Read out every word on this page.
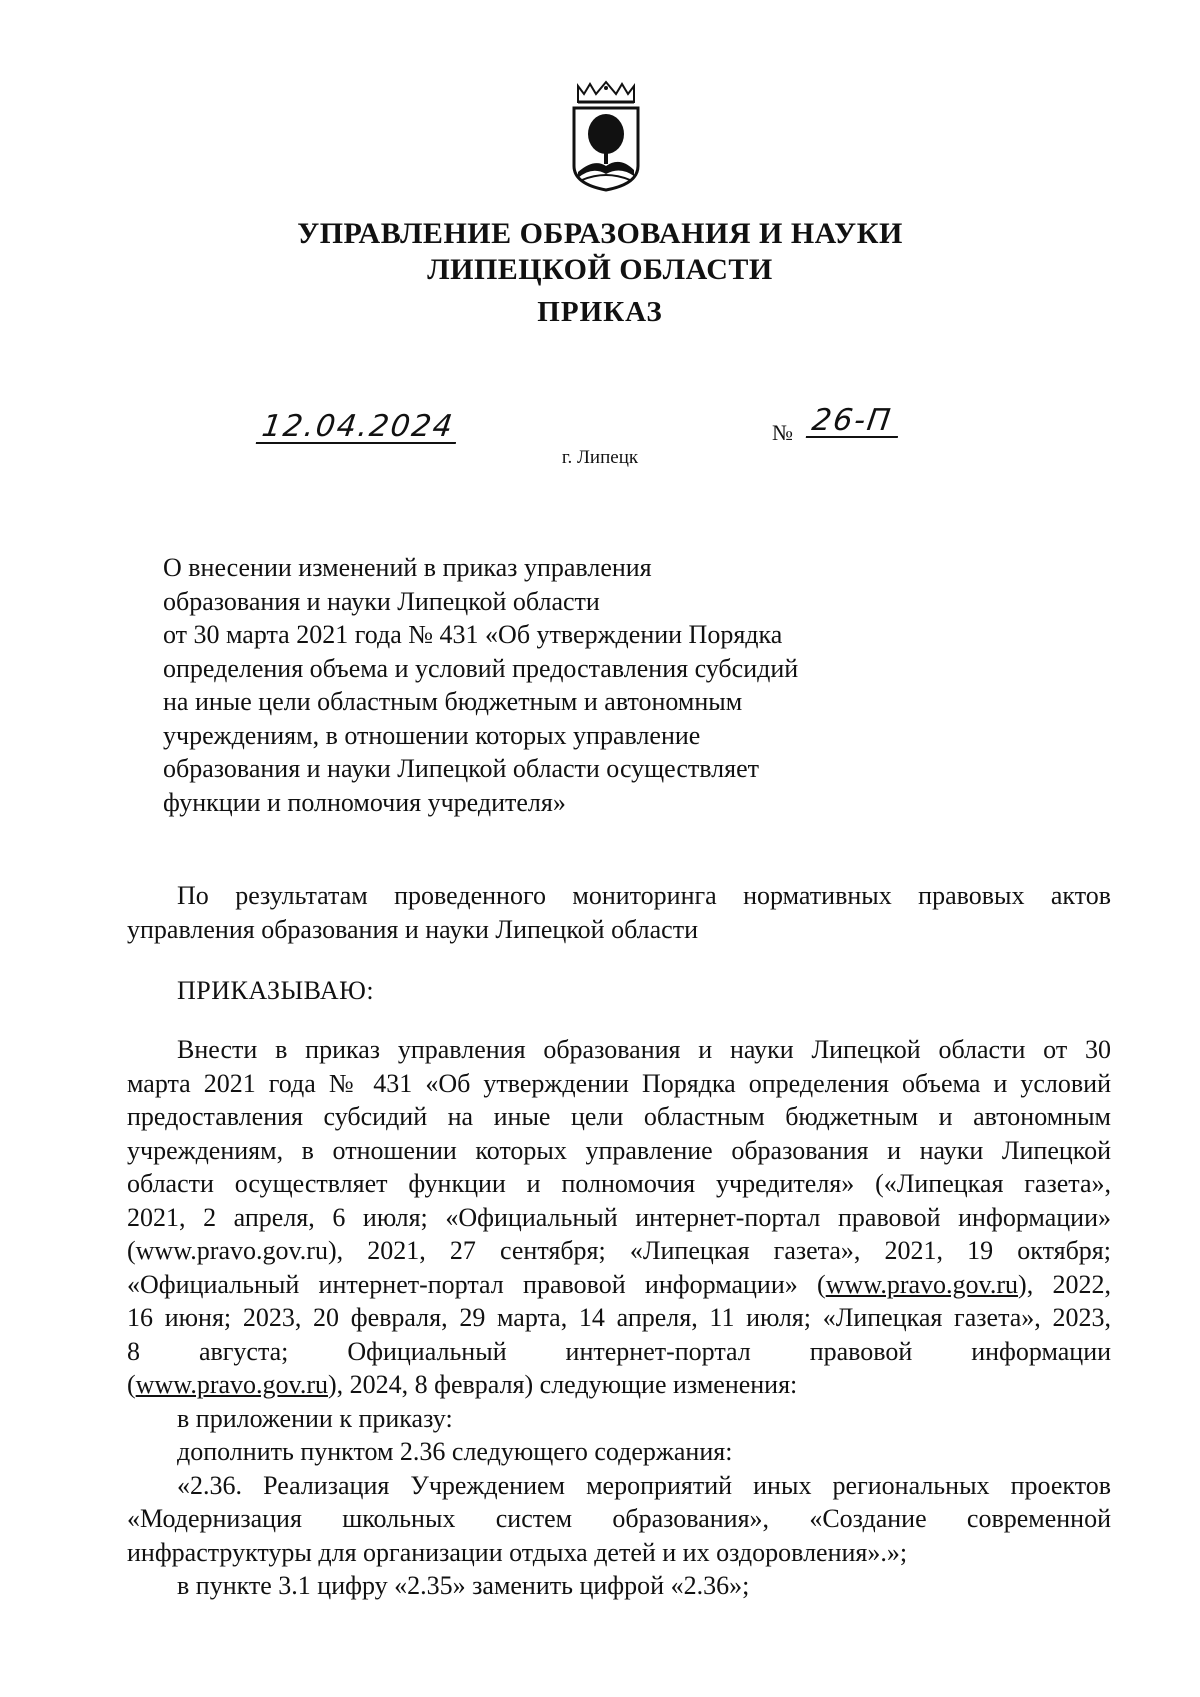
УПРАВЛЕНИЕ ОБРАЗОВАНИЯ И НАУКИ
ЛИПЕЦКОЙ ОБЛАСТИ
ПРИКАЗ
12.04.2024	№ 26-П
г. Липецк
О внесении изменений в приказ управления
образования и науки Липецкой области
от 30 марта 2021 года № 431 «Об утверждении Порядка
определения объема и условий предоставления субсидий
на иные цели областным бюджетным и автономным
учреждениям, в отношении которых управление
образования и науки Липецкой области осуществляет
функции и полномочия учредителя»
По результатам проведенного мониторинга нормативных правовых актов
управления образования и науки Липецкой области
ПРИКАЗЫВАЮ:
Внести в приказ управления образования и науки Липецкой области от 30
марта 2021 года № 431 «Об утверждении Порядка определения объема и условий
предоставления субсидий на иные цели областным бюджетным и автономным
учреждениям, в отношении которых управление образования и науки Липецкой
области осуществляет функции и полномочия учредителя» («Липецкая газета»,
2021, 2 апреля, 6 июля; «Официальный интернет-портал правовой информации»
(www.pravo.gov.ru), 2021, 27 сентября; «Липецкая газета», 2021, 19 октября;
«Официальный интернет-портал правовой информации» (www.pravo.gov.ru), 2022,
16 июня; 2023, 20 февраля, 29 марта, 14 апреля, 11 июля; «Липецкая газета», 2023,
8 августа; Официальный интернет-портал правовой информации
(www.pravo.gov.ru), 2024, 8 февраля) следующие изменения:
в приложении к приказу:
дополнить пунктом 2.36 следующего содержания:
«2.36. Реализация Учреждением мероприятий иных региональных проектов
«Модернизация школьных систем образования», «Создание современной
инфраструктуры для организации отдыха детей и их оздоровления».»;
в пункте 3.1 цифру «2.35» заменить цифрой «2.36»;
